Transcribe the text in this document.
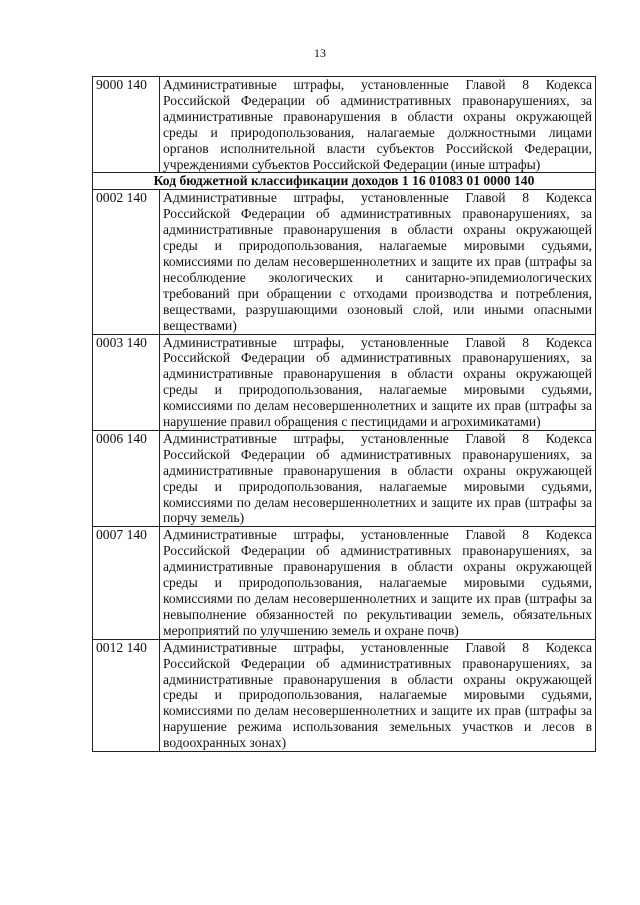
13
9000 140	Административные штрафы, установленные Главой 8 Кодекса Российской Федерации об административных правонарушениях, за административные правонарушения в области охраны окружающей среды и природопользования, налагаемые должностными лицами органов исполнительной власти субъектов Российской Федерации, учреждениями субъектов Российской Федерации (иные штрафы)
Код бюджетной классификации доходов 1 16 01083 01 0000 140	
0002 140	Административные штрафы, установленные Главой 8 Кодекса Российской Федерации об административных правонарушениях, за административные правонарушения в области охраны окружающей среды и природопользования, налагаемые мировыми судьями, комиссиями по делам несовершеннолетних и защите их прав (штрафы за несоблюдение экологических и санитарно-эпидемиологических требований при обращении с отходами производства и потребления, веществами, разрушающими озоновый слой, или иными опасными веществами)
0003 140	Административные штрафы, установленные Главой 8 Кодекса Российской Федерации об административных правонарушениях, за административные правонарушения в области охраны окружающей среды и природопользования, налагаемые мировыми судьями, комиссиями по делам несовершеннолетних и защите их прав (штрафы за нарушение правил обращения с пестицидами и агрохимикатами)
0006 140	Административные штрафы, установленные Главой 8 Кодекса Российской Федерации об административных правонарушениях, за административные правонарушения в области охраны окружающей среды и природопользования, налагаемые мировыми судьями, комиссиями по делам несовершеннолетних и защите их прав (штрафы за порчу земель)
0007 140	Административные штрафы, установленные Главой 8 Кодекса Российской Федерации об административных правонарушениях, за административные правонарушения в области охраны окружающей среды и природопользования, налагаемые мировыми судьями, комиссиями по делам несовершеннолетних и защите их прав (штрафы за невыполнение обязанностей по рекультивации земель, обязательных мероприятий по улучшению земель и охране почв)
0012 140	Административные штрафы, установленные Главой 8 Кодекса Российской Федерации об административных правонарушениях, за административные правонарушения в области охраны окружающей среды и природопользования, налагаемые мировыми судьями, комиссиями по делам несовершеннолетних и защите их прав (штрафы за нарушение режима использования земельных участков и лесов в водоохранных зонах)
